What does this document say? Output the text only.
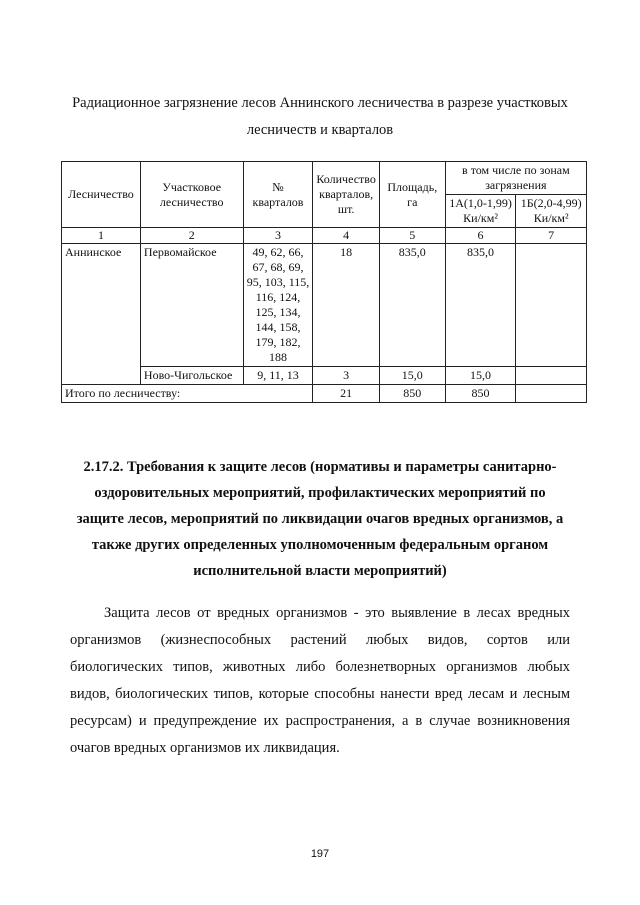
Радиационное загрязнение лесов Аннинского лесничества в разрезе участковых
лесничеств и кварталов
Лесничество	Участковое лесничество	№ кварталов	Количество кварталов, шт.	Площадь, га	в том числе по зонам загрязнения	
					1А(1,0-1,99) Ки/км²	1Б(2,0-4,99) Ки/км²
1	2	3	4	5	6	7
Аннинское	Первомайское	49, 62, 66, 67, 68, 69, 95, 103, 115, 116, 124, 125, 134, 144, 158, 179, 182, 188	18	835,0	835,0	
	Ново-Чигольское	9, 11, 13	3	15,0	15,0	
Итого по лесничеству:			21	850	850	
2.17.2. Требования к защите лесов (нормативы и параметры санитарно-оздоровительных мероприятий, профилактических мероприятий по защите лесов, мероприятий по ликвидации очагов вредных организмов, а также других определенных уполномоченным федеральным органом исполнительной власти мероприятий)
Защита лесов от вредных организмов - это выявление в лесах вредных организмов (жизнеспособных растений любых видов, сортов или биологических типов, животных либо болезнетворных организмов любых видов, биологических типов, которые способны нанести вред лесам и лесным ресурсам) и предупреждение их распространения, а в случае возникновения очагов вредных организмов их ликвидация.
197
